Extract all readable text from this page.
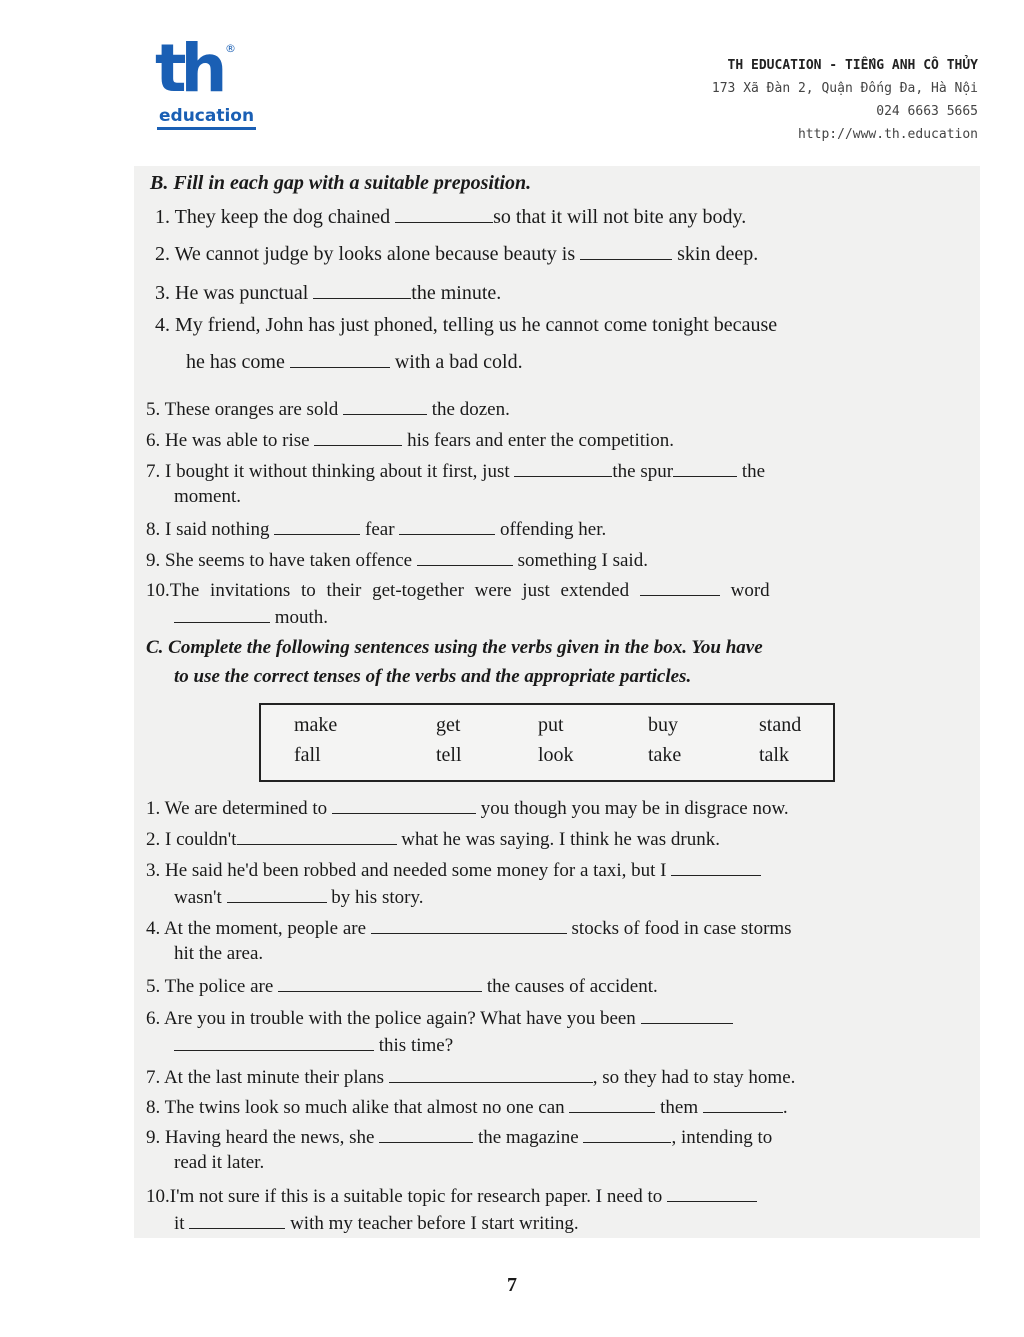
th ®
education
TH EDUCATION - TIẾNG ANH CÔ THỦY
173 Xã Đàn 2, Quận Đống Đa, Hà Nội
024 6663 5665
http://www.th.education
B. Fill in each gap with a suitable preposition.
1. They keep the dog chained	so that it will not bite any body.
2. We cannot judge by looks alone because beauty is	skin deep.
3. He was punctual	the minute.
4. My friend, John has just phoned, telling us he cannot come tonight because
he has come	with a bad cold.
5. These oranges are sold	the dozen.
6. He was able to rise	his fears and enter the competition.
7. I bought it without thinking about it first, just	the spur	the
moment.
8. I said nothing	fear	offending her.
9. She seems to have taken offence	something I said.
10.The invitations to their get-together were just extended	word
mouth.
C. Complete the following sentences using the verbs given in the box. You have
to use the correct tenses of the verbs and the appropriate particles.
make	get	put	buy	stand
fall	tell	look	take	talk
1. We are determined to	you though you may be in disgrace now.
2. I couldn't	what he was saying. I think he was drunk.
3. He said he'd been robbed and needed some money for a taxi, but I
wasn't	by his story.
4. At the moment, people are	stocks of food in case storms
hit the area.
5. The police are	the causes of accident.
6. Are you in trouble with the police again? What have you been
this time?
7. At the last minute their plans	, so they had to stay home.
8. The twins look so much alike that almost no one can	them	.
9. Having heard the news, she	the magazine	, intending to
read it later.
10.I'm not sure if this is a suitable topic for research paper. I need to
it	with my teacher before I start writing.
7
